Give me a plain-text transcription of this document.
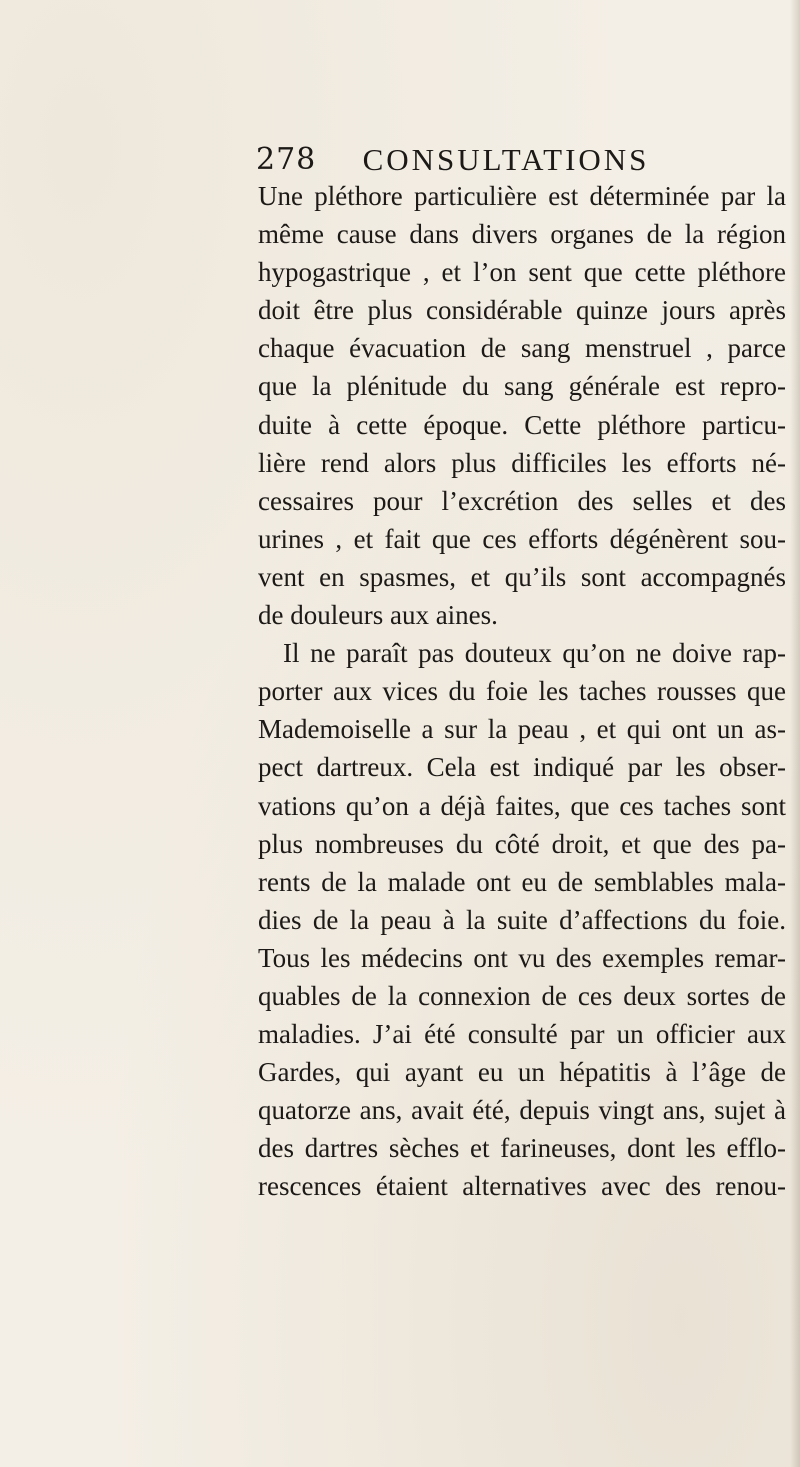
278	CONSULTATIONS
Une pléthore particulière est déterminée par la
même cause dans divers organes de la région
hypogastrique , et l’on sent que cette pléthore
doit être plus considérable quinze jours après
chaque évacuation de sang menstruel , parce
que la plénitude du sang générale est repro-
duite à cette époque. Cette pléthore particu-
lière rend alors plus difficiles les efforts né-
cessaires pour l’excrétion des selles et des
urines , et fait que ces efforts dégénèrent sou-
vent en spasmes, et qu’ils sont accompagnés
de douleurs aux aines.
Il ne paraît pas douteux qu’on ne doive rap-
porter aux vices du foie les taches rousses que
Mademoiselle a sur la peau , et qui ont un as-
pect dartreux. Cela est indiqué par les obser-
vations qu’on a déjà faites, que ces taches sont
plus nombreuses du côté droit, et que des pa-
rents de la malade ont eu de semblables mala-
dies de la peau à la suite d’affections du foie.
Tous les médecins ont vu des exemples remar-
quables de la connexion de ces deux sortes de
maladies. J’ai été consulté par un officier aux
Gardes, qui ayant eu un hépatitis à l’âge de
quatorze ans, avait été, depuis vingt ans, sujet à
des dartres sèches et farineuses, dont les efflo-
rescences étaient alternatives avec des renou-
